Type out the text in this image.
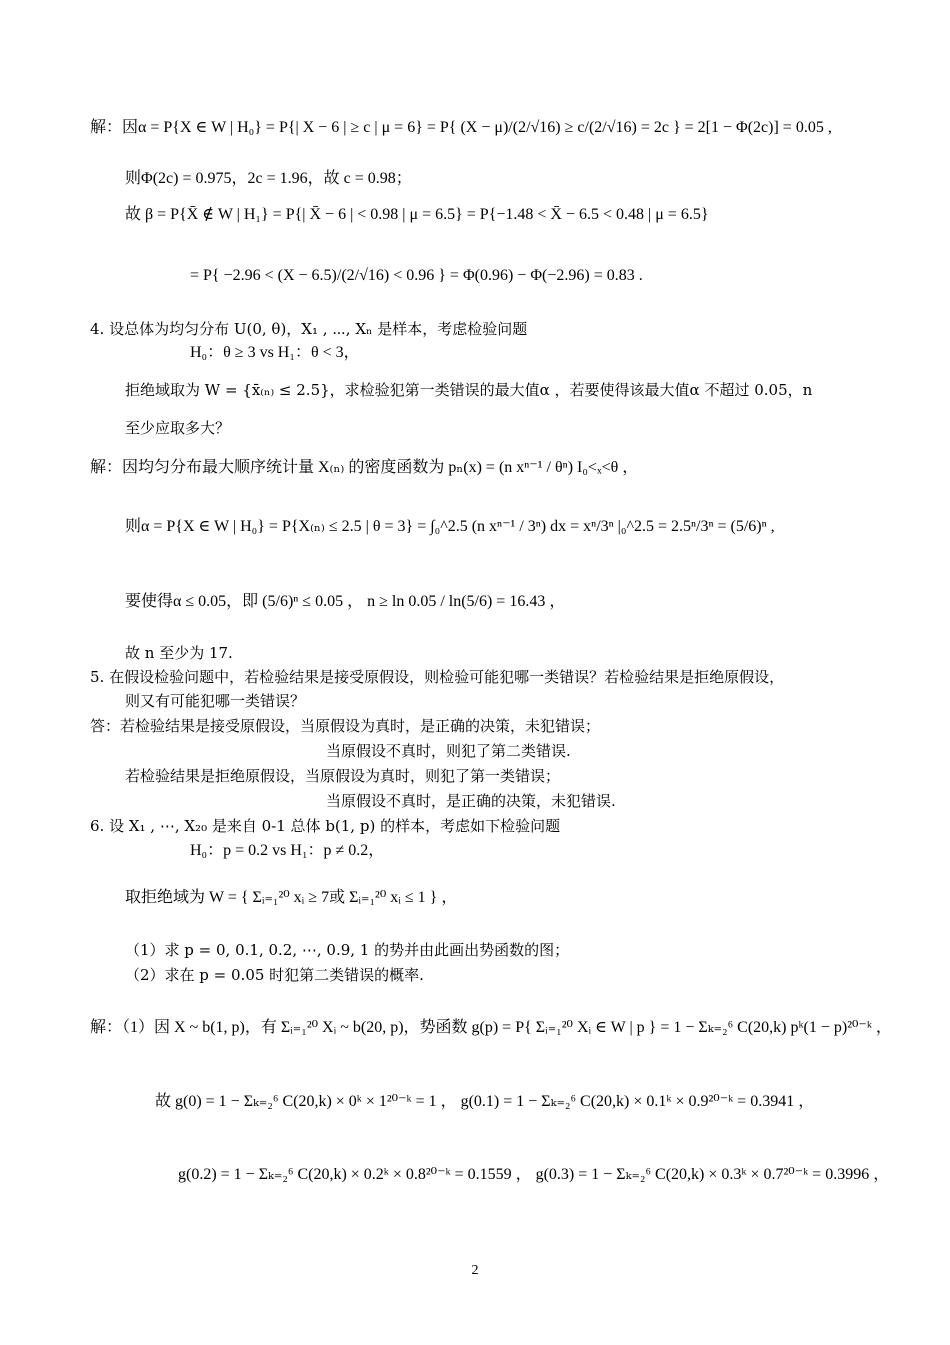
解：因α = P{X ∈ W | H₀} = P{| X − 6 | ≥ c | μ = 6} = P{ (X − μ)/(2/√16) ≥ c/(2/√16) = 2c } = 2[1 − Φ(2c)] = 0.05 ,
则Φ(2c) = 0.975，2c = 1.96，故 c = 0.98；
故 β = P{X̄ ∉ W | H₁} = P{| X̄ − 6 | < 0.98 | μ = 6.5} = P{−1.48 < X̄ − 6.5 < 0.48 | μ = 6.5}
= P{ −2.96 < (X − 6.5)/(2/√16) < 0.96 } = Φ(0.96) − Φ(−2.96) = 0.83 .
4. 设总体为均匀分布 U(0, θ)，X₁ , ⋯, Xₙ 是样本，考虑检验问题
H₀：θ ≥ 3 vs H₁：θ < 3，
拒绝域取为 W = {x̄₍ₙ₎ ≤ 2.5}，求检验犯第一类错误的最大值α ，若要使得该最大值α 不超过 0.05，n
至少应取多大？
解：因均匀分布最大顺序统计量 X₍ₙ₎ 的密度函数为 pₙ(x) = (n xⁿ⁻¹ / θⁿ) I₀<ₓ<θ ，
则α = P{X ∈ W | H₀} = P{X₍ₙ₎ ≤ 2.5 | θ = 3} = ∫₀^2.5 (n xⁿ⁻¹ / 3ⁿ) dx = xⁿ/3ⁿ |₀^2.5 = 2.5ⁿ/3ⁿ = (5/6)ⁿ ,
要使得α ≤ 0.05，即 (5/6)ⁿ ≤ 0.05 ， n ≥ ln 0.05 / ln(5/6) = 16.43 ，
故 n 至少为 17.
5. 在假设检验问题中，若检验结果是接受原假设，则检验可能犯哪一类错误？若检验结果是拒绝原假设，
则又有可能犯哪一类错误？
答：若检验结果是接受原假设，当原假设为真时，是正确的决策，未犯错误；
当原假设不真时，则犯了第二类错误.
若检验结果是拒绝原假设，当原假设为真时，则犯了第一类错误；
当原假设不真时，是正确的决策，未犯错误.
6. 设 X₁ , ⋯, X₂₀ 是来自 0-1 总体 b(1, p) 的样本，考虑如下检验问题
H₀：p = 0.2 vs H₁：p ≠ 0.2，
取拒绝域为 W = { Σᵢ₌₁²⁰ xᵢ ≥ 7或 Σᵢ₌₁²⁰ xᵢ ≤ 1 } ，
（1）求 p = 0, 0.1, 0.2, ⋯, 0.9, 1 的势并由此画出势函数的图；
（2）求在 p = 0.05 时犯第二类错误的概率.
解：（1）因 X ~ b(1, p)，有 Σᵢ₌₁²⁰ Xᵢ ~ b(20, p)，势函数 g(p) = P{ Σᵢ₌₁²⁰ Xᵢ ∈ W | p } = 1 − Σₖ₌₂⁶ C(20,k) pᵏ(1 − p)²⁰⁻ᵏ ，
故 g(0) = 1 − Σₖ₌₂⁶ C(20,k) × 0ᵏ × 1²⁰⁻ᵏ = 1 ， g(0.1) = 1 − Σₖ₌₂⁶ C(20,k) × 0.1ᵏ × 0.9²⁰⁻ᵏ = 0.3941 ，
g(0.2) = 1 − Σₖ₌₂⁶ C(20,k) × 0.2ᵏ × 0.8²⁰⁻ᵏ = 0.1559 ， g(0.3) = 1 − Σₖ₌₂⁶ C(20,k) × 0.3ᵏ × 0.7²⁰⁻ᵏ = 0.3996 ，
2
